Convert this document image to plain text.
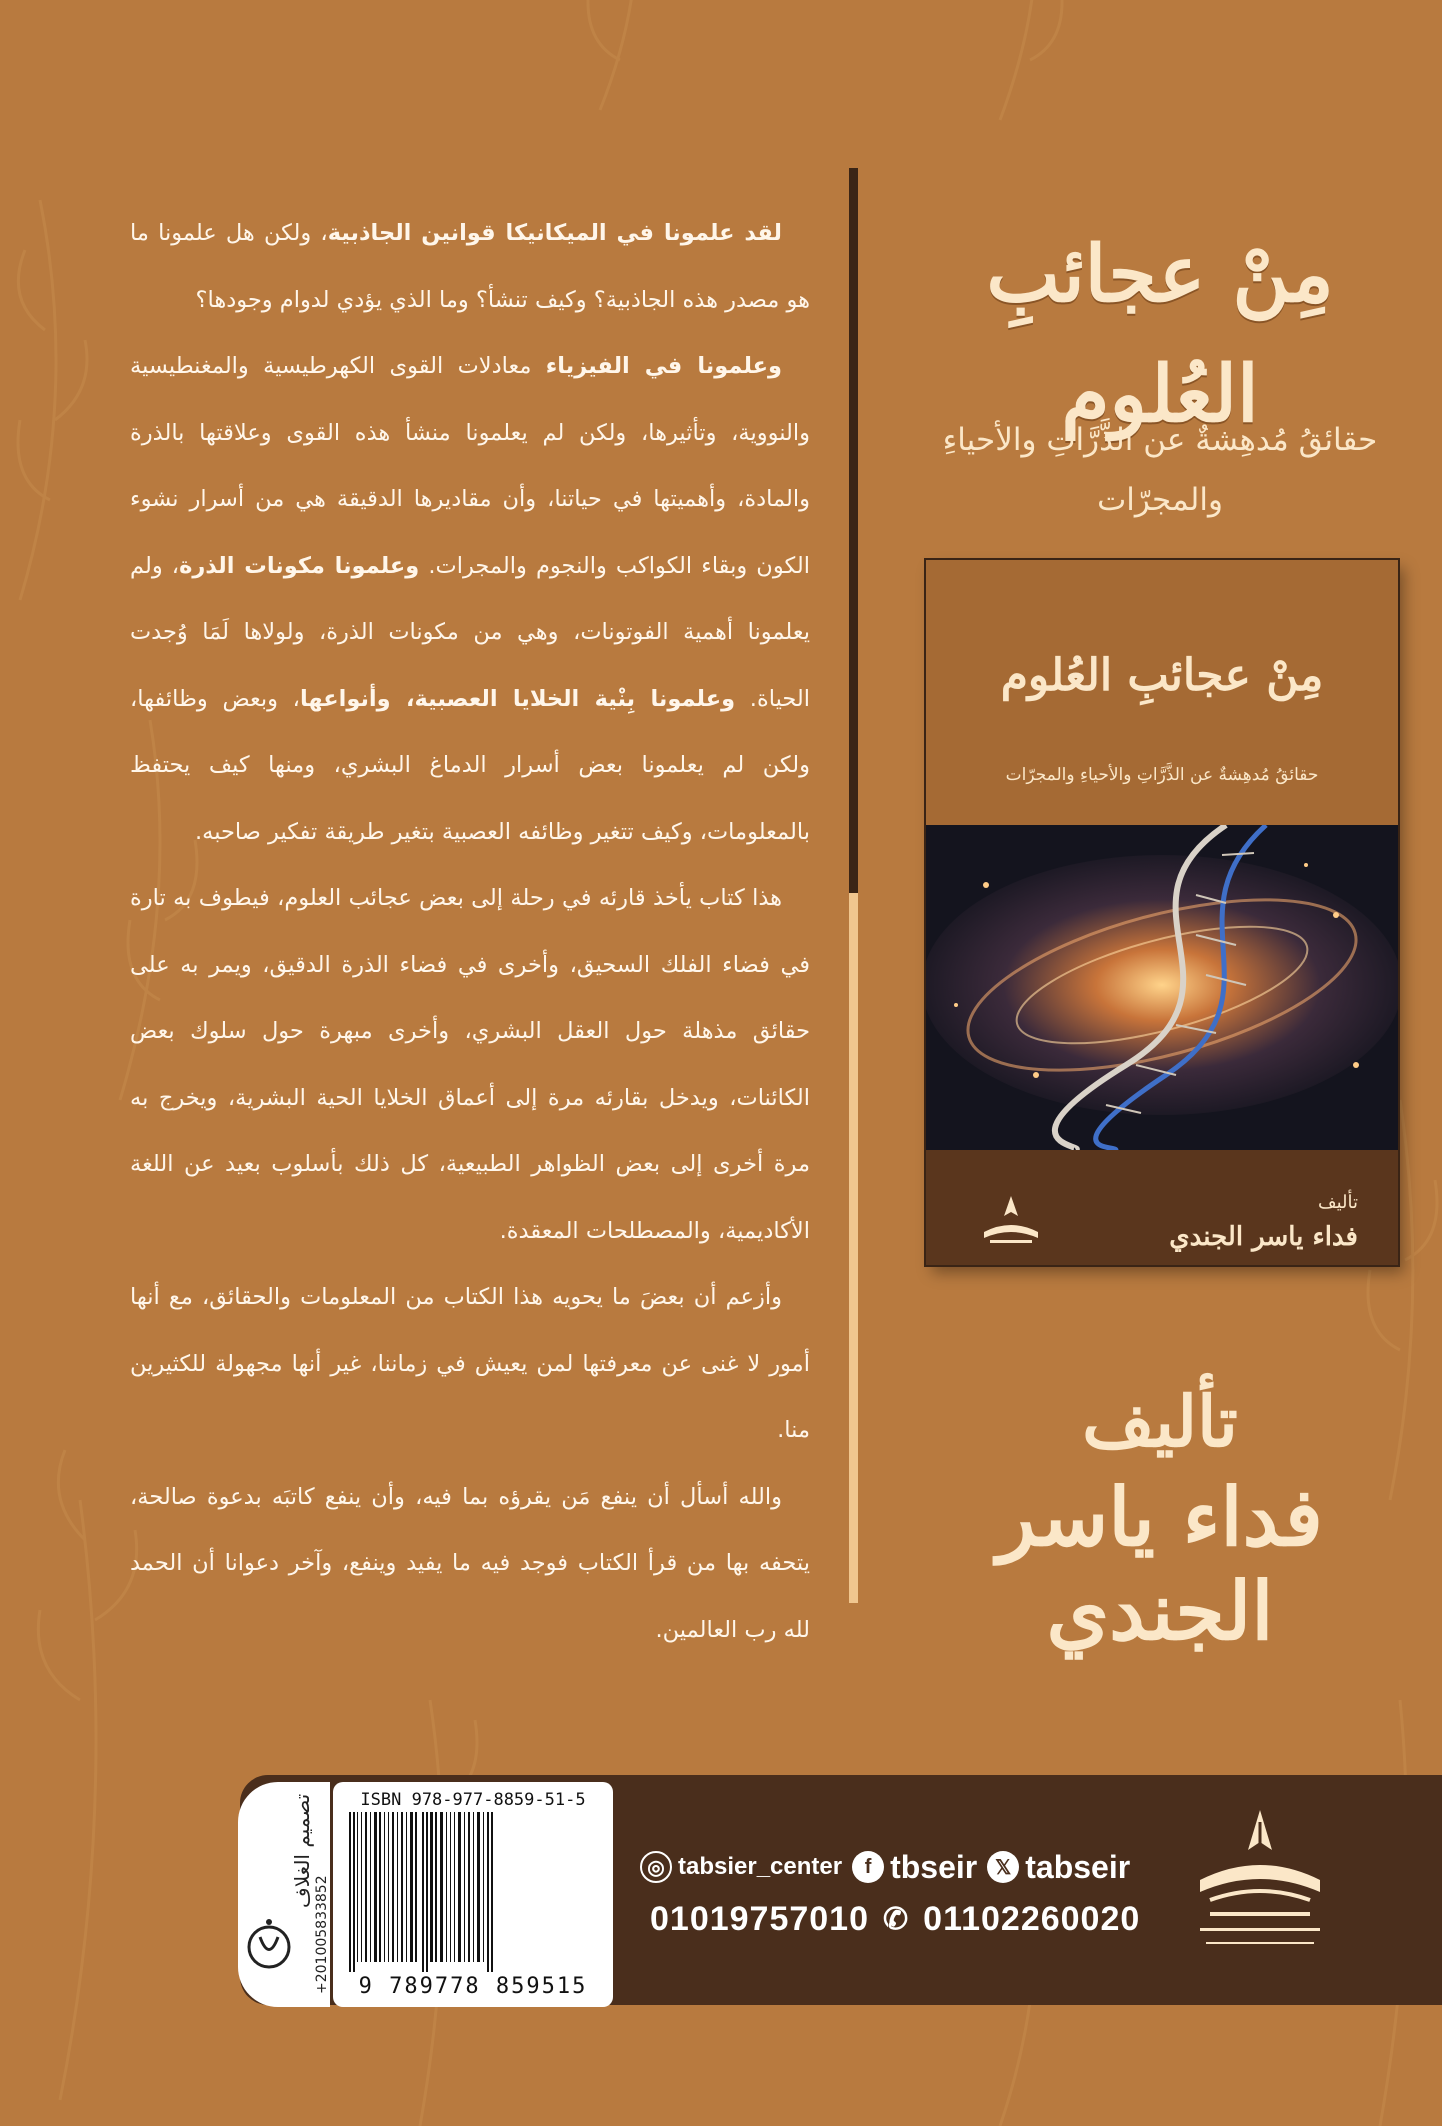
لقد علمونا في الميكانيكا قوانين الجاذبية، ولكن هل علمونا ما هو مصدر هذه الجاذبية؟ وكيف تنشأ؟ وما الذي يؤدي لدوام وجودها؟

وعلمونا في الفيزياء معادلات القوى الكهرطيسية والمغنطيسية والنووية، وتأثيرها، ولكن لم يعلمونا منشأ هذه القوى وعلاقتها بالذرة والمادة، وأهميتها في حياتنا، وأن مقاديرها الدقيقة هي من أسرار نشوء الكون وبقاء الكواكب والنجوم والمجرات. وعلمونا مكونات الذرة، ولم يعلمونا أهمية الفوتونات، وهي من مكونات الذرة، ولولاها لَمَا وُجدت الحياة. وعلمونا بِنْية الخلايا العصبية، وأنواعها، وبعض وظائفها، ولكن لم يعلمونا بعض أسرار الدماغ البشري، ومنها كيف يحتفظ بالمعلومات، وكيف تتغير وظائفه العصبية بتغير طريقة تفكير صاحبه.

هذا كتاب يأخذ قارئه في رحلة إلى بعض عجائب العلوم، فيطوف به تارة في فضاء الفلك السحيق، وأخرى في فضاء الذرة الدقيق، ويمر به على حقائق مذهلة حول العقل البشري، وأخرى مبهرة حول سلوك بعض الكائنات، ويدخل بقارئه مرة إلى أعماق الخلايا الحية البشرية، ويخرج به مرة أخرى إلى بعض الظواهر الطبيعية، كل ذلك بأسلوب بعيد عن اللغة الأكاديمية، والمصطلحات المعقدة.

وأزعم أن بعضَ ما يحويه هذا الكتاب من المعلومات والحقائق، مع أنها أمور لا غنى عن معرفتها لمن يعيش في زماننا، غير أنها مجهولة للكثيرين منا.

والله أسأل أن ينفع مَن يقرؤه بما فيه، وأن ينفع كاتبَه بدعوة صالحة، يتحفه بها من قرأ الكتاب فوجد فيه ما يفيد وينفع، وآخر دعوانا أن الحمد لله رب العالمين.

مِنْ عجائبِ العُلوم
حقائقُ مُدهِشةٌ عن الذَّرَّاتِ والأحياءِ والمجرّات
مِنْ عجائبِ العُلوم
حقائقُ مُدهِشةٌ عن الذَّرَّاتِ والأحياءِ والمجرّات
تأليف
فداء ياسر الجندي
تأليف
فداء ياسر الجندي
تصميم الغلاف
+201005833852
ISBN 978-977-8859-51-5
9 789778 859515
◎ tabsier_center	f tbseir 𝕏 tabseir
01019757010 ✆ 01102260020
